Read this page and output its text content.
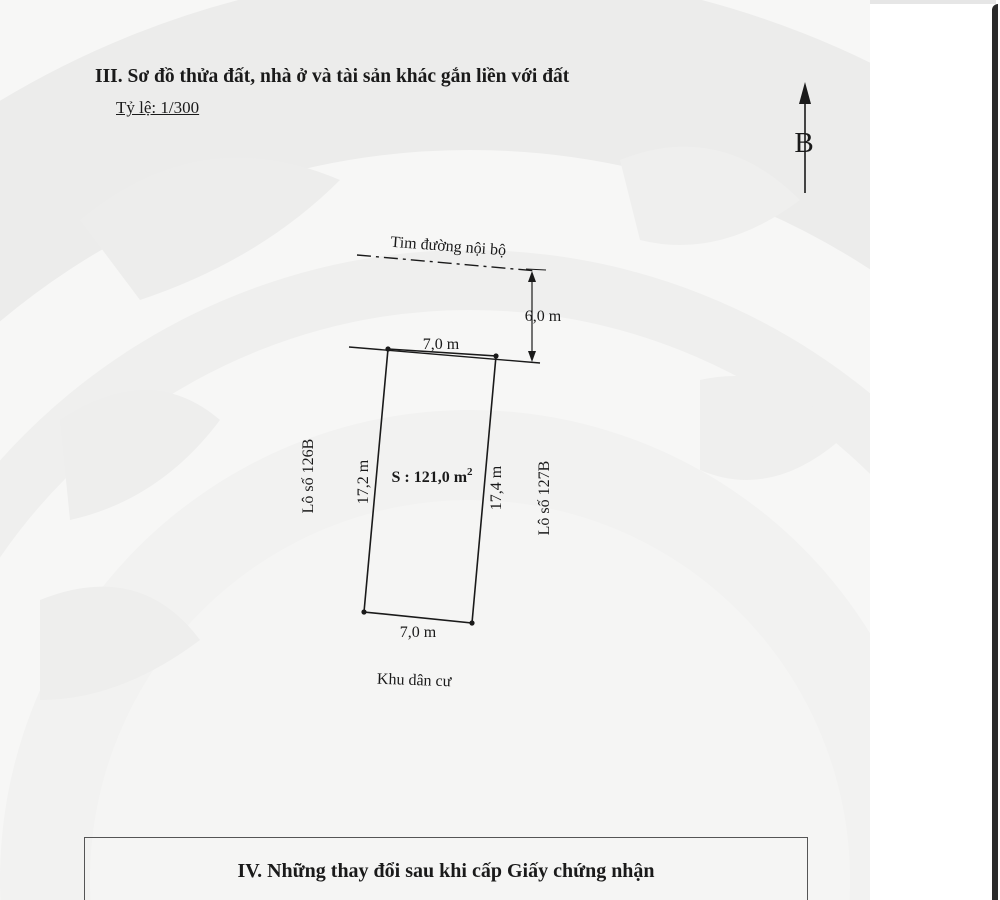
III. Sơ đồ thửa đất, nhà ở và tài sản khác gắn liền với đất
Tỷ lệ: 1/300
B
Tim đường nội bộ
6,0 m
7,0 m
7,0 m
17,2 m	17,4 m
S : 121,0 $m^2$
Lô số 126B	Lô số 127B
Khu dân cư
IV. Những thay đổi sau khi cấp Giấy chứng nhận
